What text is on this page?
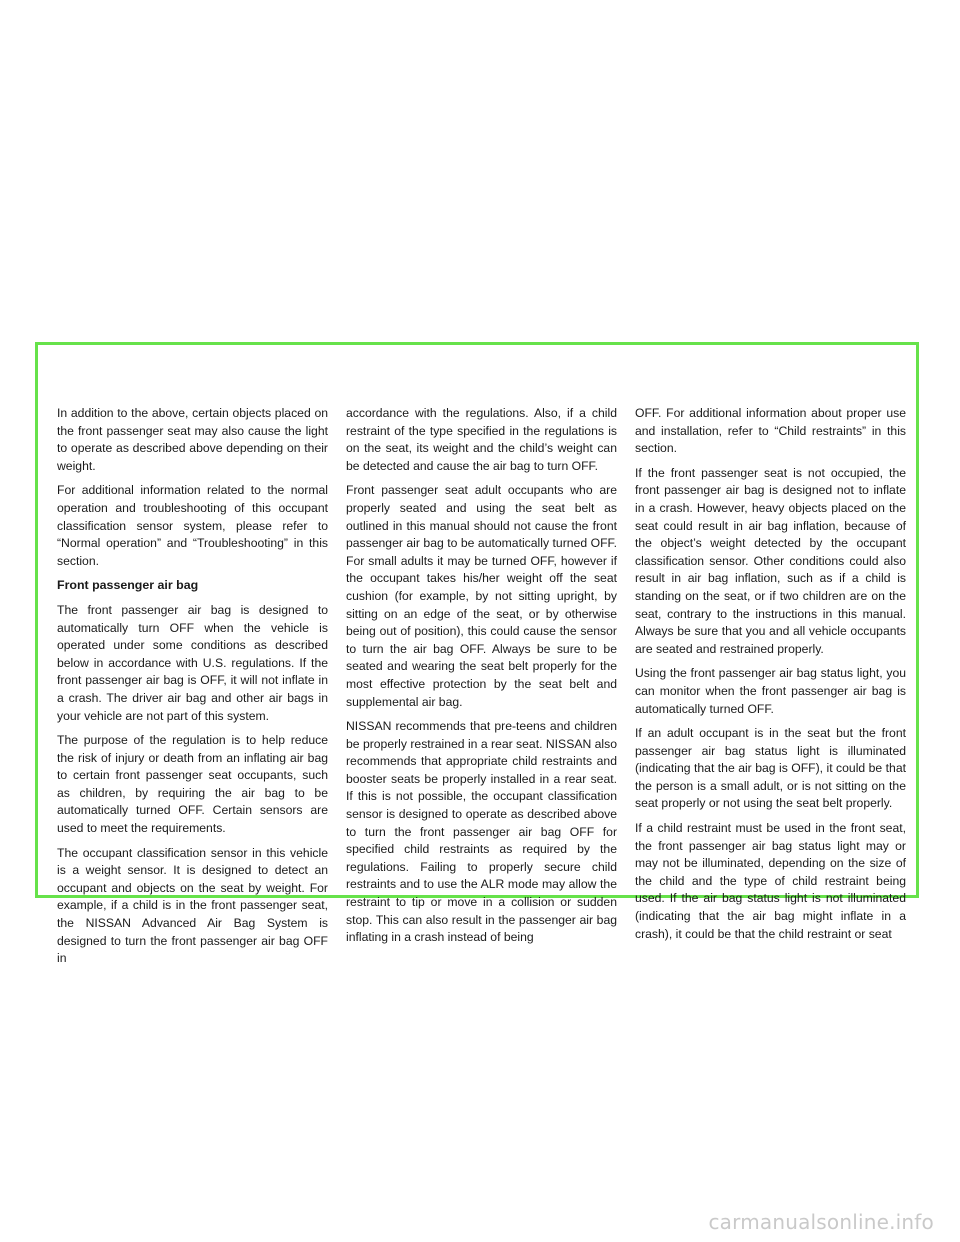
In addition to the above, certain objects placed on the front passenger seat may also cause the light to operate as described above depending on their weight.

For additional information related to the normal operation and troubleshooting of this occupant classification sensor system, please refer to “Normal operation” and “Troubleshooting” in this section.

Front passenger air bag

The front passenger air bag is designed to automatically turn OFF when the vehicle is operated under some conditions as described below in accordance with U.S. regulations. If the front passenger air bag is OFF, it will not inflate in a crash. The driver air bag and other air bags in your vehicle are not part of this system.

The purpose of the regulation is to help reduce the risk of injury or death from an inflating air bag to certain front passenger seat occupants, such as children, by requiring the air bag to be automatically turned OFF. Certain sensors are used to meet the requirements.

The occupant classification sensor in this vehicle is a weight sensor. It is designed to detect an occupant and objects on the seat by weight. For example, if a child is in the front passenger seat, the NISSAN Advanced Air Bag System is designed to turn the front passenger air bag OFF in

accordance with the regulations. Also, if a child restraint of the type specified in the regulations is on the seat, its weight and the child’s weight can be detected and cause the air bag to turn OFF.

Front passenger seat adult occupants who are properly seated and using the seat belt as outlined in this manual should not cause the front passenger air bag to be automatically turned OFF. For small adults it may be turned OFF, however if the occupant takes his/her weight off the seat cushion (for example, by not sitting upright, by sitting on an edge of the seat, or by otherwise being out of position), this could cause the sensor to turn the air bag OFF. Always be sure to be seated and wearing the seat belt properly for the most effective protection by the seat belt and supplemental air bag.

NISSAN recommends that pre-teens and children be properly restrained in a rear seat. NISSAN also recommends that appropriate child restraints and booster seats be properly installed in a rear seat. If this is not possible, the occupant classification sensor is designed to operate as described above to turn the front passenger air bag OFF for specified child restraints as required by the regulations. Failing to properly secure child restraints and to use the ALR mode may allow the restraint to tip or move in a collision or sudden stop. This can also result in the passenger air bag inflating in a crash instead of being

OFF. For additional information about proper use and installation, refer to “Child restraints” in this section.

If the front passenger seat is not occupied, the front passenger air bag is designed not to inflate in a crash. However, heavy objects placed on the seat could result in air bag inflation, because of the object’s weight detected by the occupant classification sensor. Other conditions could also result in air bag inflation, such as if a child is standing on the seat, or if two children are on the seat, contrary to the instructions in this manual. Always be sure that you and all vehicle occupants are seated and restrained properly.

Using the front passenger air bag status light, you can monitor when the front passenger air bag is automatically turned OFF.

If an adult occupant is in the seat but the front passenger air bag status light is illuminated (indicating that the air bag is OFF), it could be that the person is a small adult, or is not sitting on the seat properly or not using the seat belt properly.

If a child restraint must be used in the front seat, the front passenger air bag status light may or may not be illuminated, depending on the size of the child and the type of child restraint being used. If the air bag status light is not illuminated (indicating that the air bag might inflate in a crash), it could be that the child restraint or seat

carmanualsonline.info
